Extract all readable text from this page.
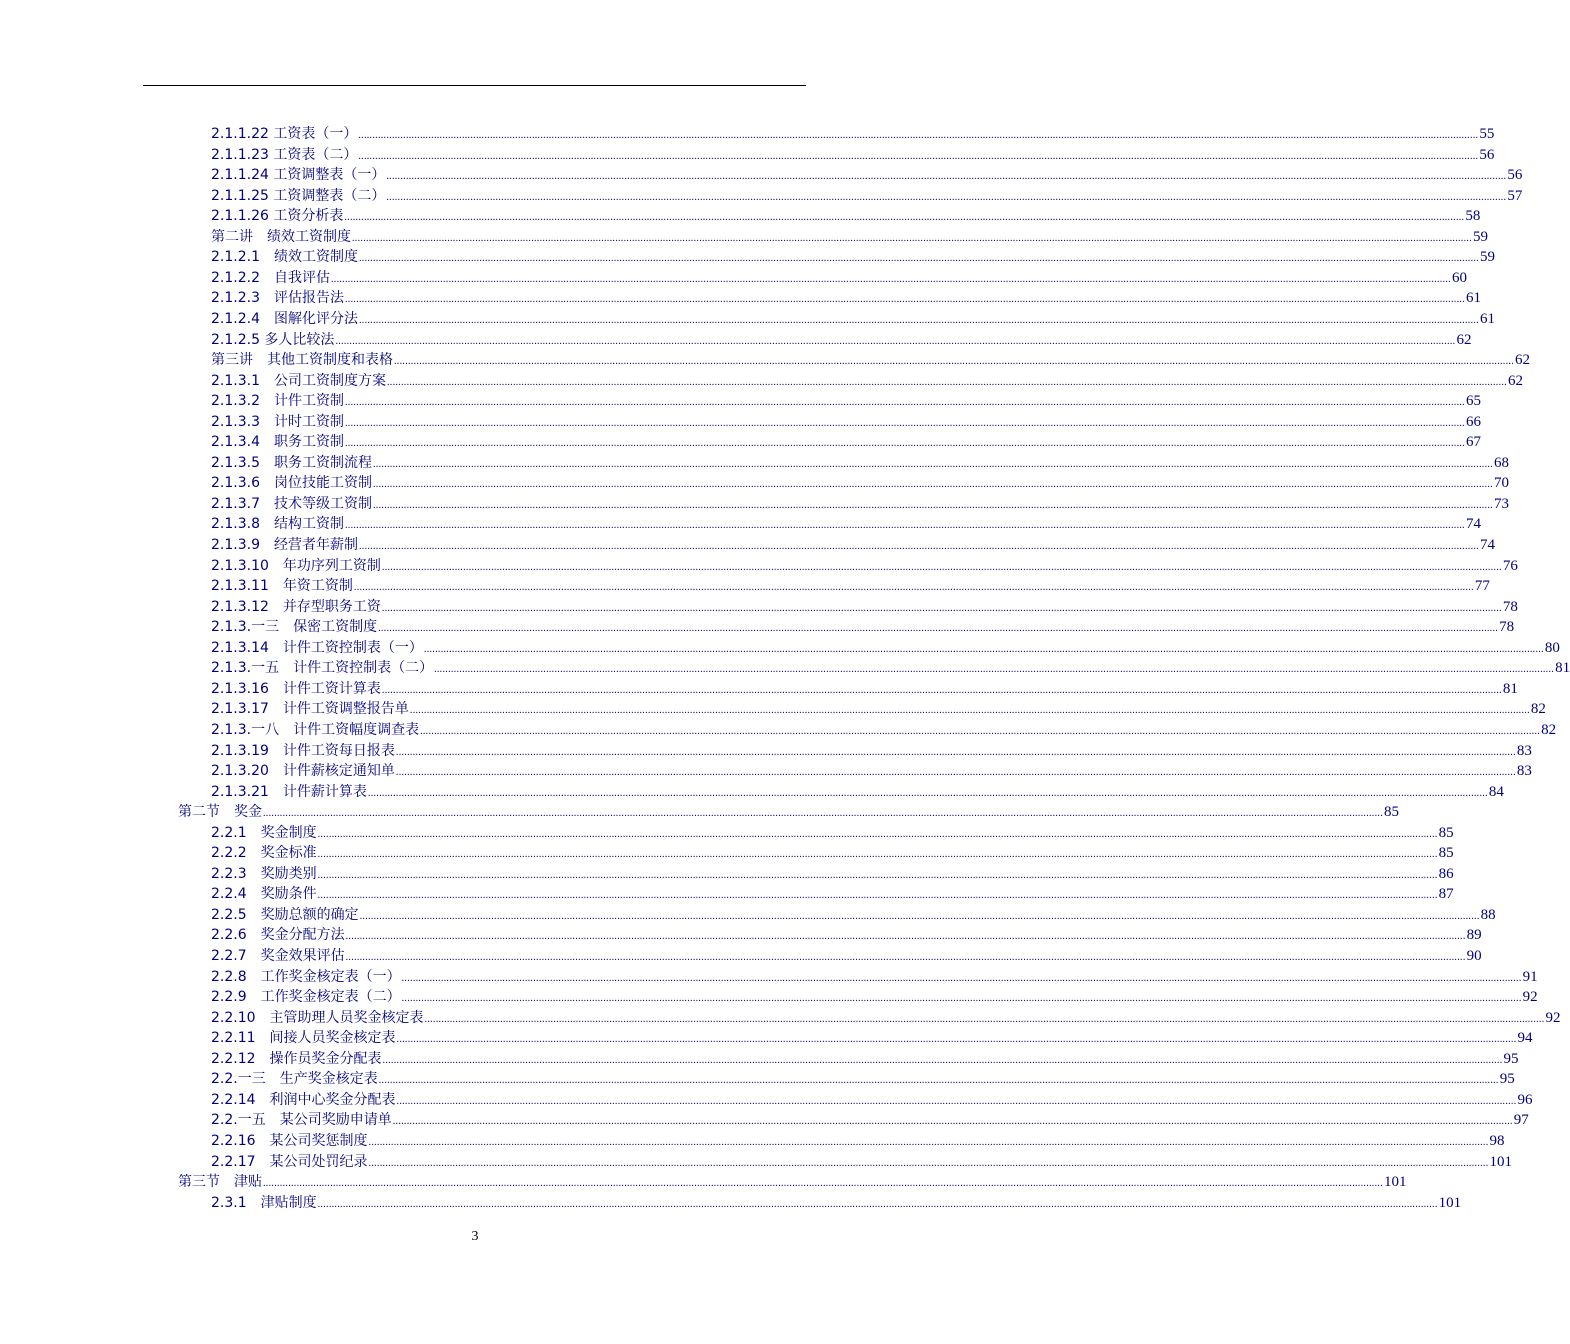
2.1.1.22 工资表（一） ................................................................................................................................................................................................................................................................................................................................................................................................................ 55
2.1.1.23 工资表（二） ................................................................................................................................................................................................................................................................................................................................................................................................................ 56
2.1.1.24 工资调整表（一） ................................................................................................................................................................................................................................................................................................................................................................................................................ 56
2.1.1.25 工资调整表（二） ................................................................................................................................................................................................................................................................................................................................................................................................................ 57
2.1.1.26 工资分析表 ................................................................................................................................................................................................................................................................................................................................................................................................................ 58
第二讲　绩效工资制度 ................................................................................................................................................................................................................................................................................................................................................................................................................ 59
2.1.2.1　绩效工资制度 ................................................................................................................................................................................................................................................................................................................................................................................................................ 59
2.1.2.2　自我评估 ................................................................................................................................................................................................................................................................................................................................................................................................................ 60
2.1.2.3　评估报告法 ................................................................................................................................................................................................................................................................................................................................................................................................................ 61
2.1.2.4　图解化评分法 ................................................................................................................................................................................................................................................................................................................................................................................................................ 61
2.1.2.5 多人比较法 ................................................................................................................................................................................................................................................................................................................................................................................................................ 62
第三讲　其他工资制度和表格 ................................................................................................................................................................................................................................................................................................................................................................................................................ 62
2.1.3.1　公司工资制度方案 ................................................................................................................................................................................................................................................................................................................................................................................................................ 62
2.1.3.2　计件工资制 ................................................................................................................................................................................................................................................................................................................................................................................................................ 65
2.1.3.3　计时工资制 ................................................................................................................................................................................................................................................................................................................................................................................................................ 66
2.1.3.4　职务工资制 ................................................................................................................................................................................................................................................................................................................................................................................................................ 67
2.1.3.5　职务工资制流程 ................................................................................................................................................................................................................................................................................................................................................................................................................ 68
2.1.3.6　岗位技能工资制 ................................................................................................................................................................................................................................................................................................................................................................................................................ 70
2.1.3.7　技术等级工资制 ................................................................................................................................................................................................................................................................................................................................................................................................................ 73
2.1.3.8　结构工资制 ................................................................................................................................................................................................................................................................................................................................................................................................................ 74
2.1.3.9　经营者年薪制 ................................................................................................................................................................................................................................................................................................................................................................................................................ 74
2.1.3.10　年功序列工资制 ................................................................................................................................................................................................................................................................................................................................................................................................................ 76
2.1.3.11　年资工资制 ................................................................................................................................................................................................................................................................................................................................................................................................................ 77
2.1.3.12　并存型职务工资 ................................................................................................................................................................................................................................................................................................................................................................................................................ 78
2.1.3.一三　保密工资制度 ................................................................................................................................................................................................................................................................................................................................................................................................................ 78
2.1.3.14　计件工资控制表（一） ................................................................................................................................................................................................................................................................................................................................................................................................................ 80
2.1.3.一五　计件工资控制表（二） ................................................................................................................................................................................................................................................................................................................................................................................................................ 81
2.1.3.16　计件工资计算表 ................................................................................................................................................................................................................................................................................................................................................................................................................ 81
2.1.3.17　计件工资调整报告单 ................................................................................................................................................................................................................................................................................................................................................................................................................ 82
2.1.3.一八　计件工资幅度调查表 ................................................................................................................................................................................................................................................................................................................................................................................................................ 82
2.1.3.19　计件工资每日报表 ................................................................................................................................................................................................................................................................................................................................................................................................................ 83
2.1.3.20　计件薪核定通知单 ................................................................................................................................................................................................................................................................................................................................................................................................................ 83
2.1.3.21　计件薪计算表 ................................................................................................................................................................................................................................................................................................................................................................................................................ 84
第二节　奖金 ................................................................................................................................................................................................................................................................................................................................................................................................................ 85
2.2.1　奖金制度 ................................................................................................................................................................................................................................................................................................................................................................................................................ 85
2.2.2　奖金标准 ................................................................................................................................................................................................................................................................................................................................................................................................................ 85
2.2.3　奖励类别 ................................................................................................................................................................................................................................................................................................................................................................................................................ 86
2.2.4　奖励条件 ................................................................................................................................................................................................................................................................................................................................................................................................................ 87
2.2.5　奖励总额的确定 ................................................................................................................................................................................................................................................................................................................................................................................................................ 88
2.2.6　奖金分配方法 ................................................................................................................................................................................................................................................................................................................................................................................................................ 89
2.2.7　奖金效果评估 ................................................................................................................................................................................................................................................................................................................................................................................................................ 90
2.2.8　工作奖金核定表（一） ................................................................................................................................................................................................................................................................................................................................................................................................................ 91
2.2.9　工作奖金核定表（二） ................................................................................................................................................................................................................................................................................................................................................................................................................ 92
2.2.10　主管助理人员奖金核定表 ................................................................................................................................................................................................................................................................................................................................................................................................................ 92
2.2.11　间接人员奖金核定表 ................................................................................................................................................................................................................................................................................................................................................................................................................ 94
2.2.12　操作员奖金分配表 ................................................................................................................................................................................................................................................................................................................................................................................................................ 95
2.2.一三　生产奖金核定表 ................................................................................................................................................................................................................................................................................................................................................................................................................ 95
2.2.14　利润中心奖金分配表 ................................................................................................................................................................................................................................................................................................................................................................................................................ 96
2.2.一五　某公司奖励申请单 ................................................................................................................................................................................................................................................................................................................................................................................................................ 97
2.2.16　某公司奖惩制度 ................................................................................................................................................................................................................................................................................................................................................................................................................ 98
2.2.17　某公司处罚纪录 ................................................................................................................................................................................................................................................................................................................................................................................................................ 101
第三节　津贴 ................................................................................................................................................................................................................................................................................................................................................................................................................ 101
2.3.1　津贴制度 ................................................................................................................................................................................................................................................................................................................................................................................................................ 101
3
